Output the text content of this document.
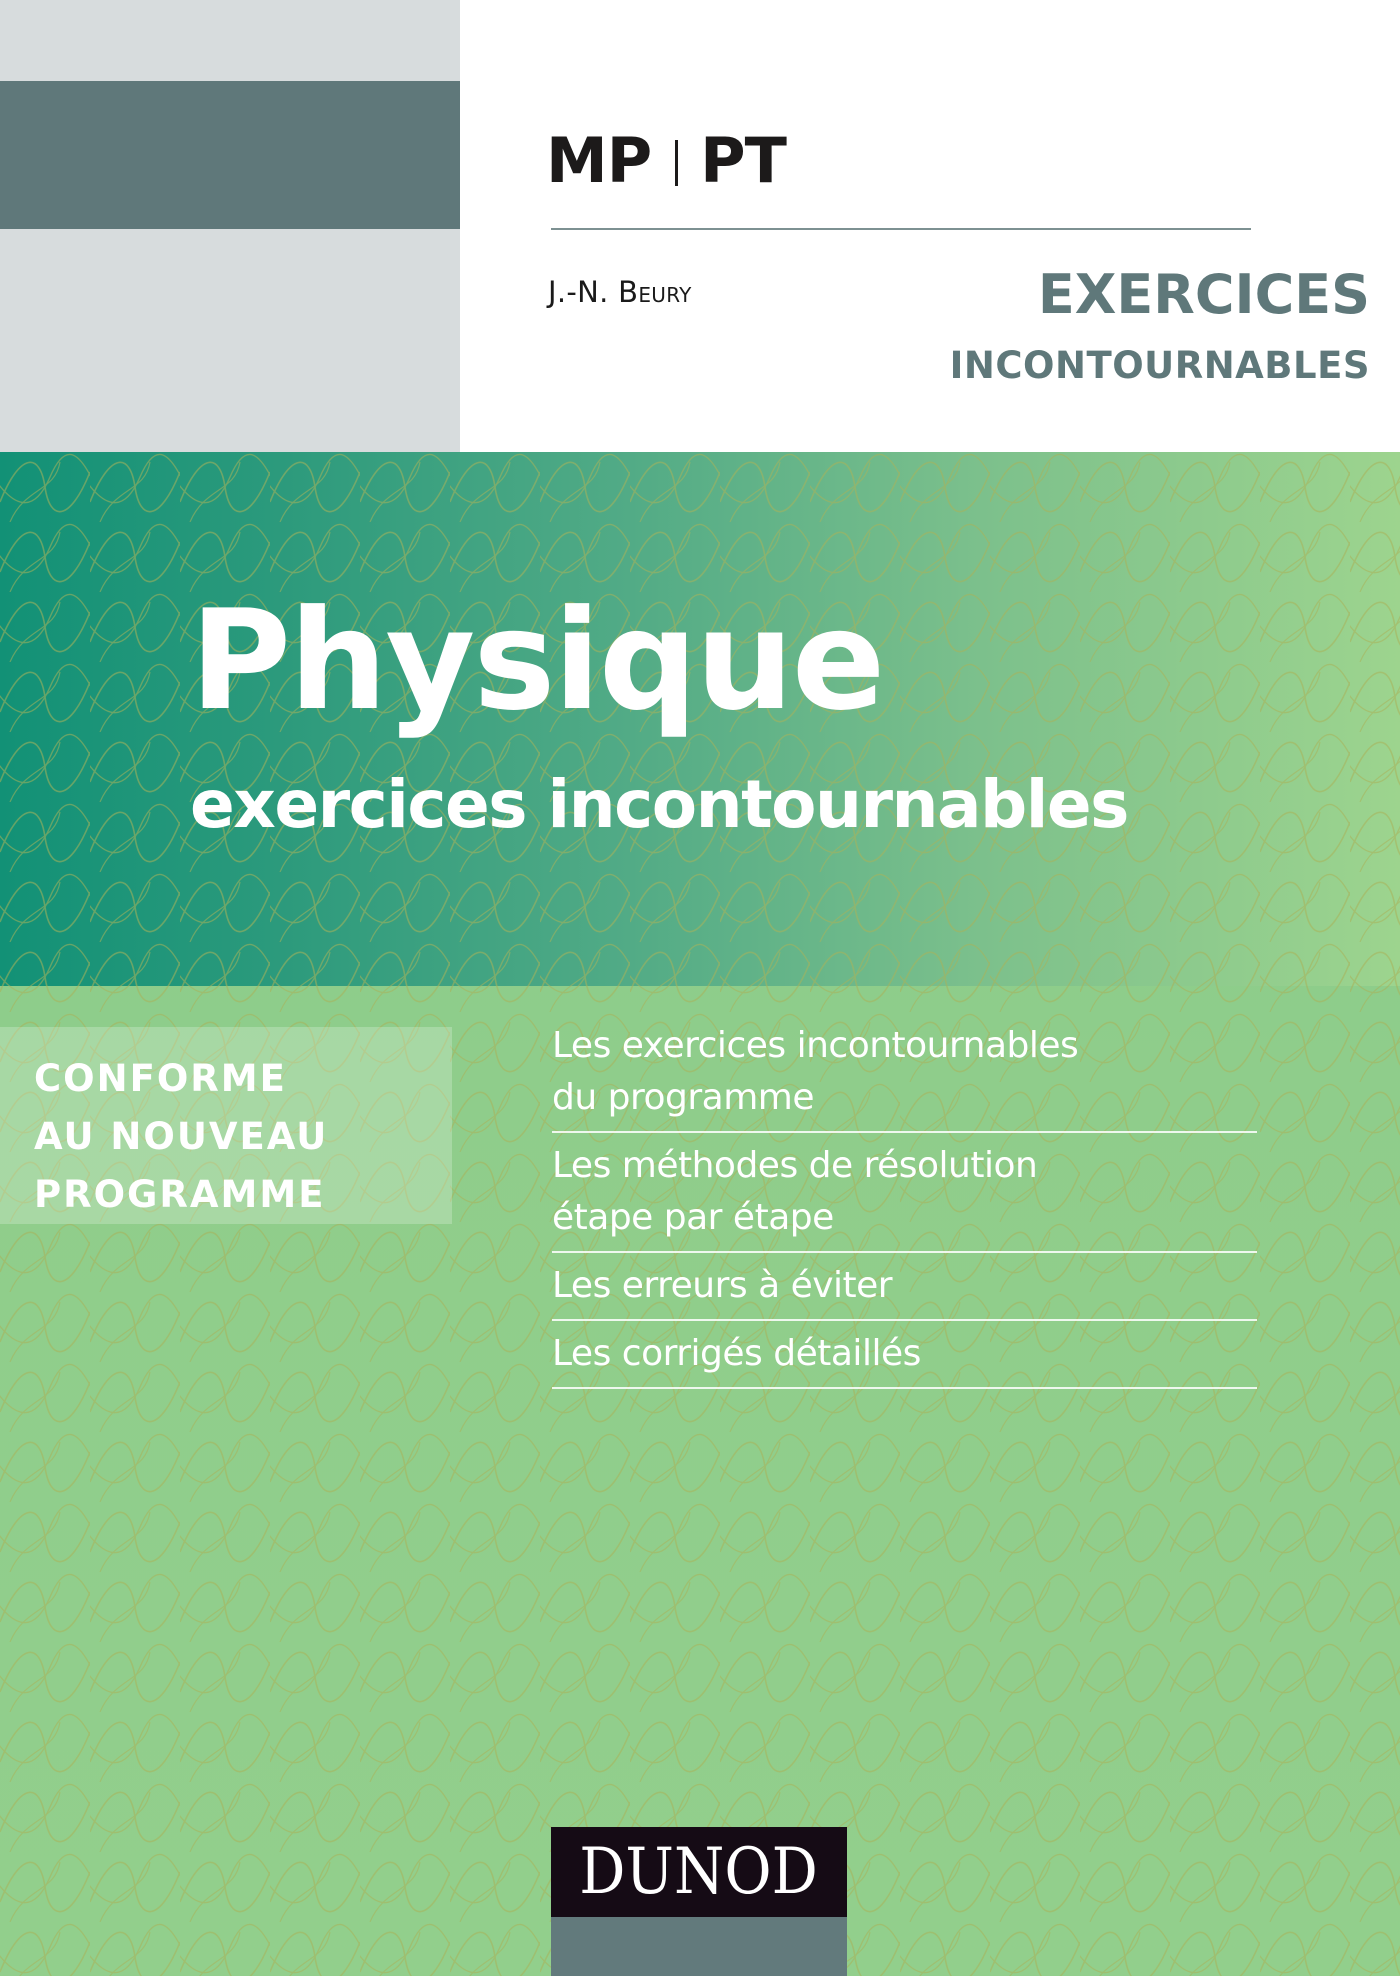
j'intègre
EXERCICES
INCONTOURNABLES
MP PT
J.-N. Beury
Physique
exercices incontournables
CONFORME
AU NOUVEAU
PROGRAMME
Les exercices incontournables
du programme
Les méthodes de résolution
étape par étape
Les erreurs à éviter
Les corrigés détaillés
DUNOD
